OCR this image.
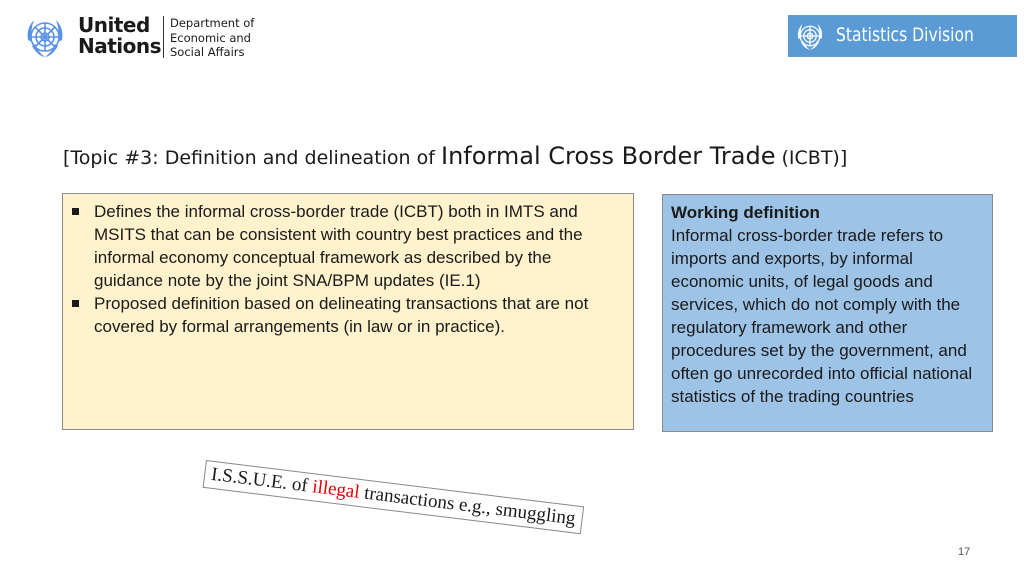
United
Nations
Department of
Economic and
Social Affairs
Statistics Division
[Topic #3: Definition and delineation of Informal Cross Border Trade (ICBT)]
Defines the informal cross-border trade (ICBT) both in IMTS and MSITS that can be consistent with country best practices and the informal economy conceptual framework as described by the guidance note by the joint SNA/BPM updates (IE.1)
Proposed definition based on delineating transactions that are not covered by formal arrangements (in law or in practice).
Working definition
Informal cross-border trade refers to imports and exports, by informal economic units, of legal goods and services, which do not comply with the regulatory framework and other procedures set by the government, and often go unrecorded into official national statistics of the trading countries
I.S.S.U.E. of illegal transactions e.g., smuggling
17
